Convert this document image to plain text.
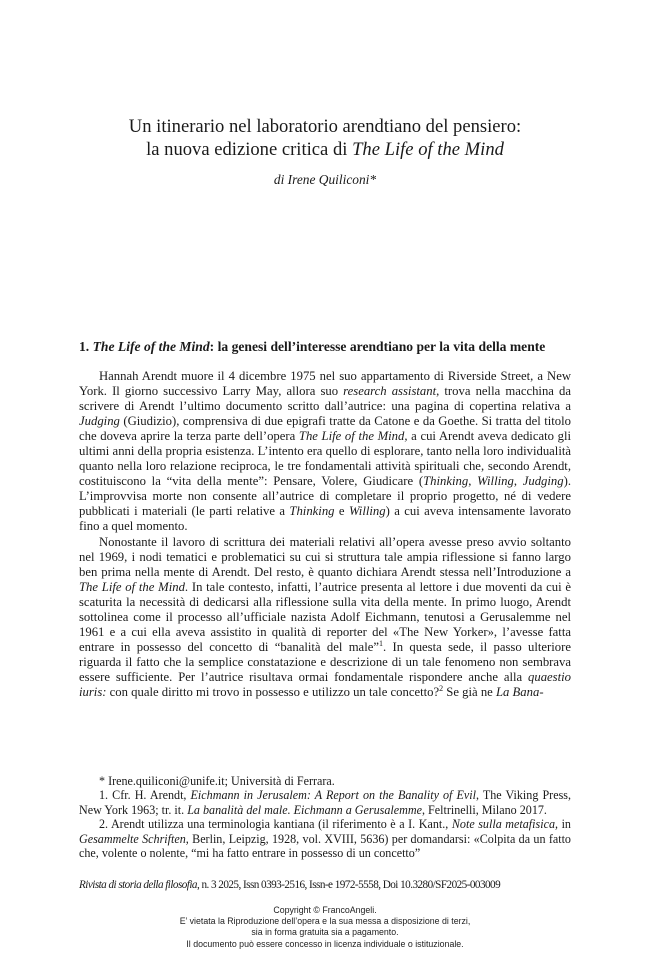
Un itinerario nel laboratorio arendtiano del pensiero:
la nuova edizione critica di The Life of the Mind
di Irene Quiliconi*
1. The Life of the Mind: la genesi dell’interesse arendtiano per la vita della mente

Hannah Arendt muore il 4 dicembre 1975 nel suo appartamento di Riverside Street, a New York. Il giorno successivo Larry May, allora suo research assistant, trova nella macchina da scrivere di Arendt l’ultimo documento scritto dall’autrice: una pagina di copertina relativa a Judging (Giudizio), comprensiva di due epigrafi tratte da Catone e da Goethe. Si tratta del titolo che doveva aprire la terza parte dell’opera The Life of the Mind, a cui Arendt aveva dedicato gli ultimi anni della propria esistenza. L’intento era quello di esplorare, tanto nella loro individualità quanto nella loro relazione reciproca, le tre fondamentali attività spirituali che, secondo Arendt, costituiscono la “vita della mente”: Pensare, Volere, Giudicare (Thinking, Willing, Judging). L’improvvisa morte non consente all’autrice di completare il proprio progetto, né di vedere pubblicati i materiali (le parti relative a Thinking e Willing) a cui aveva intensamente lavorato fino a quel momento.

Nonostante il lavoro di scrittura dei materiali relativi all’opera avesse preso avvio soltanto nel 1969, i nodi tematici e problematici su cui si struttura tale ampia riflessione si fanno largo ben prima nella mente di Arendt. Del resto, è quanto dichiara Arendt stessa nell’Introduzione a The Life of the Mind. In tale contesto, infatti, l’autrice presenta al lettore i due moventi da cui è scaturita la necessità di dedicarsi alla riflessione sulla vita della mente. In primo luogo, Arendt sottolinea come il processo all’ufficiale nazista Adolf Eichmann, tenutosi a Gerusalemme nel 1961 e a cui ella aveva assistito in qualità di reporter del «The New Yorker», l’avesse fatta entrare in possesso del concetto di “banalità del male”$^1$. In questa sede, il passo ulteriore riguarda il fatto che la semplice constatazione e descrizione di un tale fenomeno non sembrava essere sufficiente. Per l’autrice risultava ormai fondamentale rispondere anche alla quaestio iuris: con quale diritto mi trovo in possesso e utilizzo un tale concetto?$^2$ Se già ne La Bana-

* Irene.quiliconi@unife.it; Università di Ferrara.

1. Cfr. H. Arendt, Eichmann in Jerusalem: A Report on the Banality of Evil, The Viking Press, New York 1963; tr. it. La banalità del male. Eichmann a Gerusalemme, Feltrinelli, Milano 2017.

2. Arendt utilizza una terminologia kantiana (il riferimento è a I. Kant., Note sulla metafisica, in Gesammelte Schriften, Berlin, Leipzig, 1928, vol. XVIII, 5636) per domandarsi: «Colpita da un fatto che, volente o nolente, “mi ha fatto entrare in possesso di un concetto”

Rivista di storia della filosofia, n. 3 2025, Issn 0393-2516, Issn-e 1972-5558, Doi 10.3280/SF2025-003009
Copyright © FrancoAngeli.
E’ vietata la Riproduzione dell’opera e la sua messa a disposizione di terzi,
sia in forma gratuita sia a pagamento.
Il documento può essere concesso in licenza individuale o istituzionale.
